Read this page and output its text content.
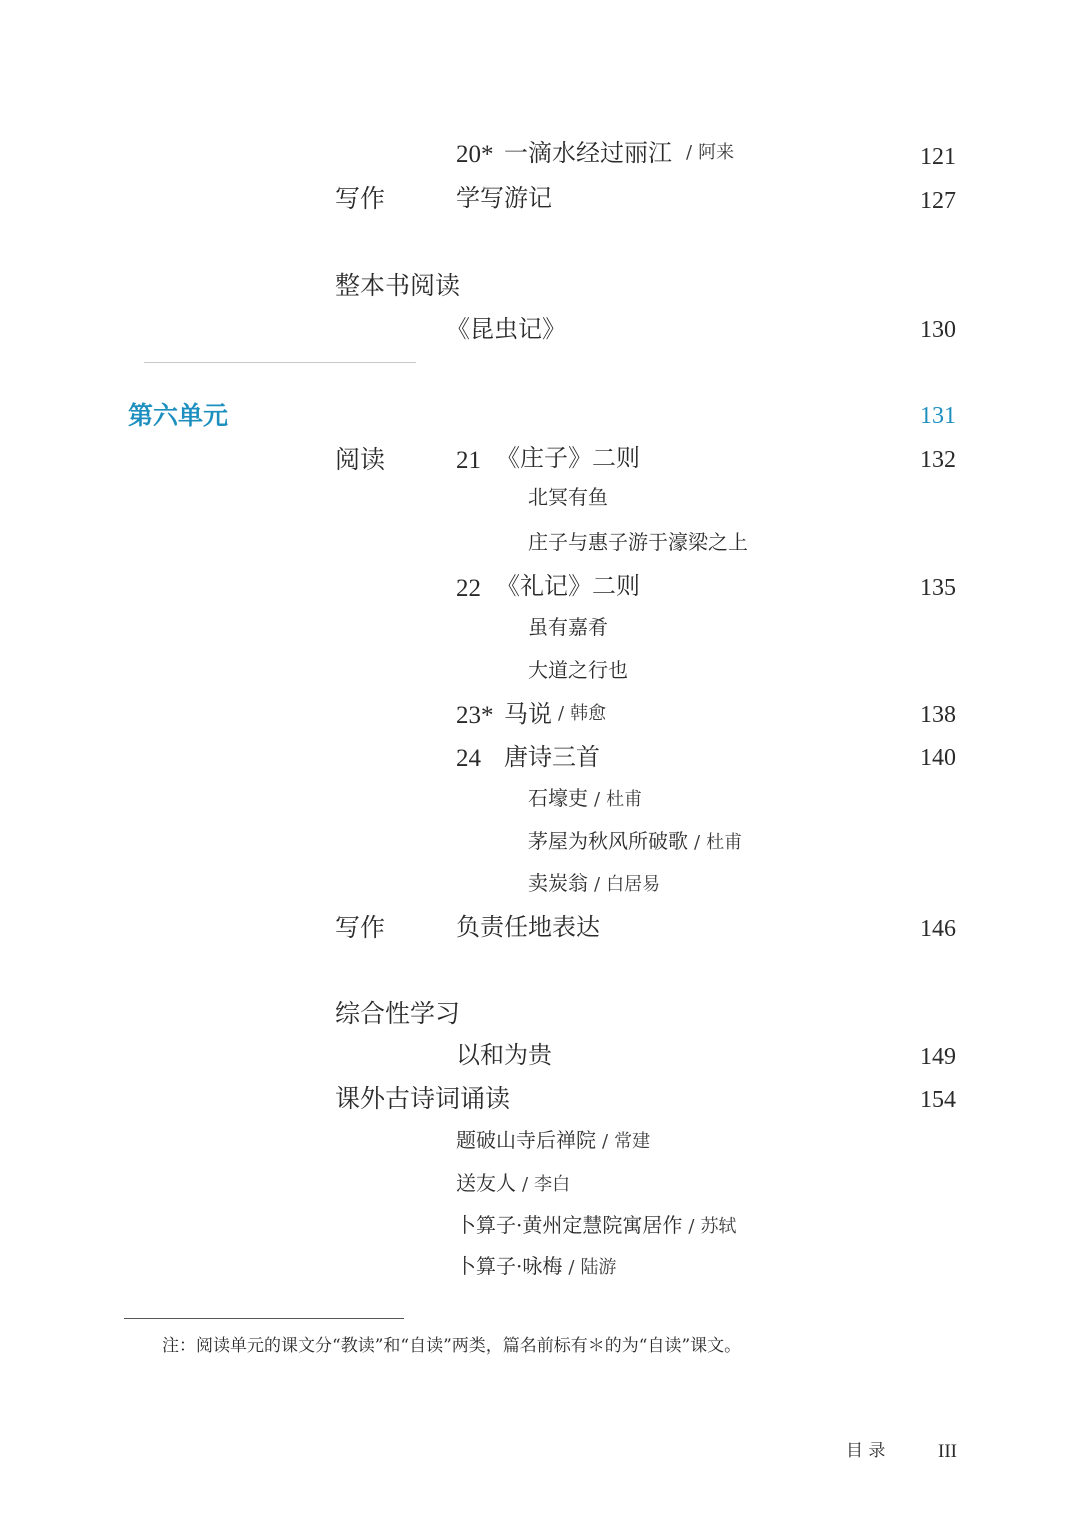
20* 一滴水经过丽江 / 阿来	121
写作	学写游记	127
整本书阅读
《昆虫记》	130
第六单元	131
阅读	21 《庄子》二则	132
北冥有鱼
庄子与惠子游于濠梁之上
22 《礼记》二则	135
虽有嘉肴
大道之行也
23* 马说 / 韩愈	138
24 唐诗三首	140
石壕吏 / 杜甫
茅屋为秋风所破歌 / 杜甫
卖炭翁 / 白居易
写作	负责任地表达	146
综合性学习
以和为贵	149
课外古诗词诵读	154
题破山寺后禅院 / 常建
送友人 / 李白
卜算子·黄州定慧院寓居作 / 苏轼
卜算子·咏梅 / 陆游
注：阅读单元的课文分“教读”和“自读”两类，篇名前标有＊的为“自读”课文。
目 录	III
